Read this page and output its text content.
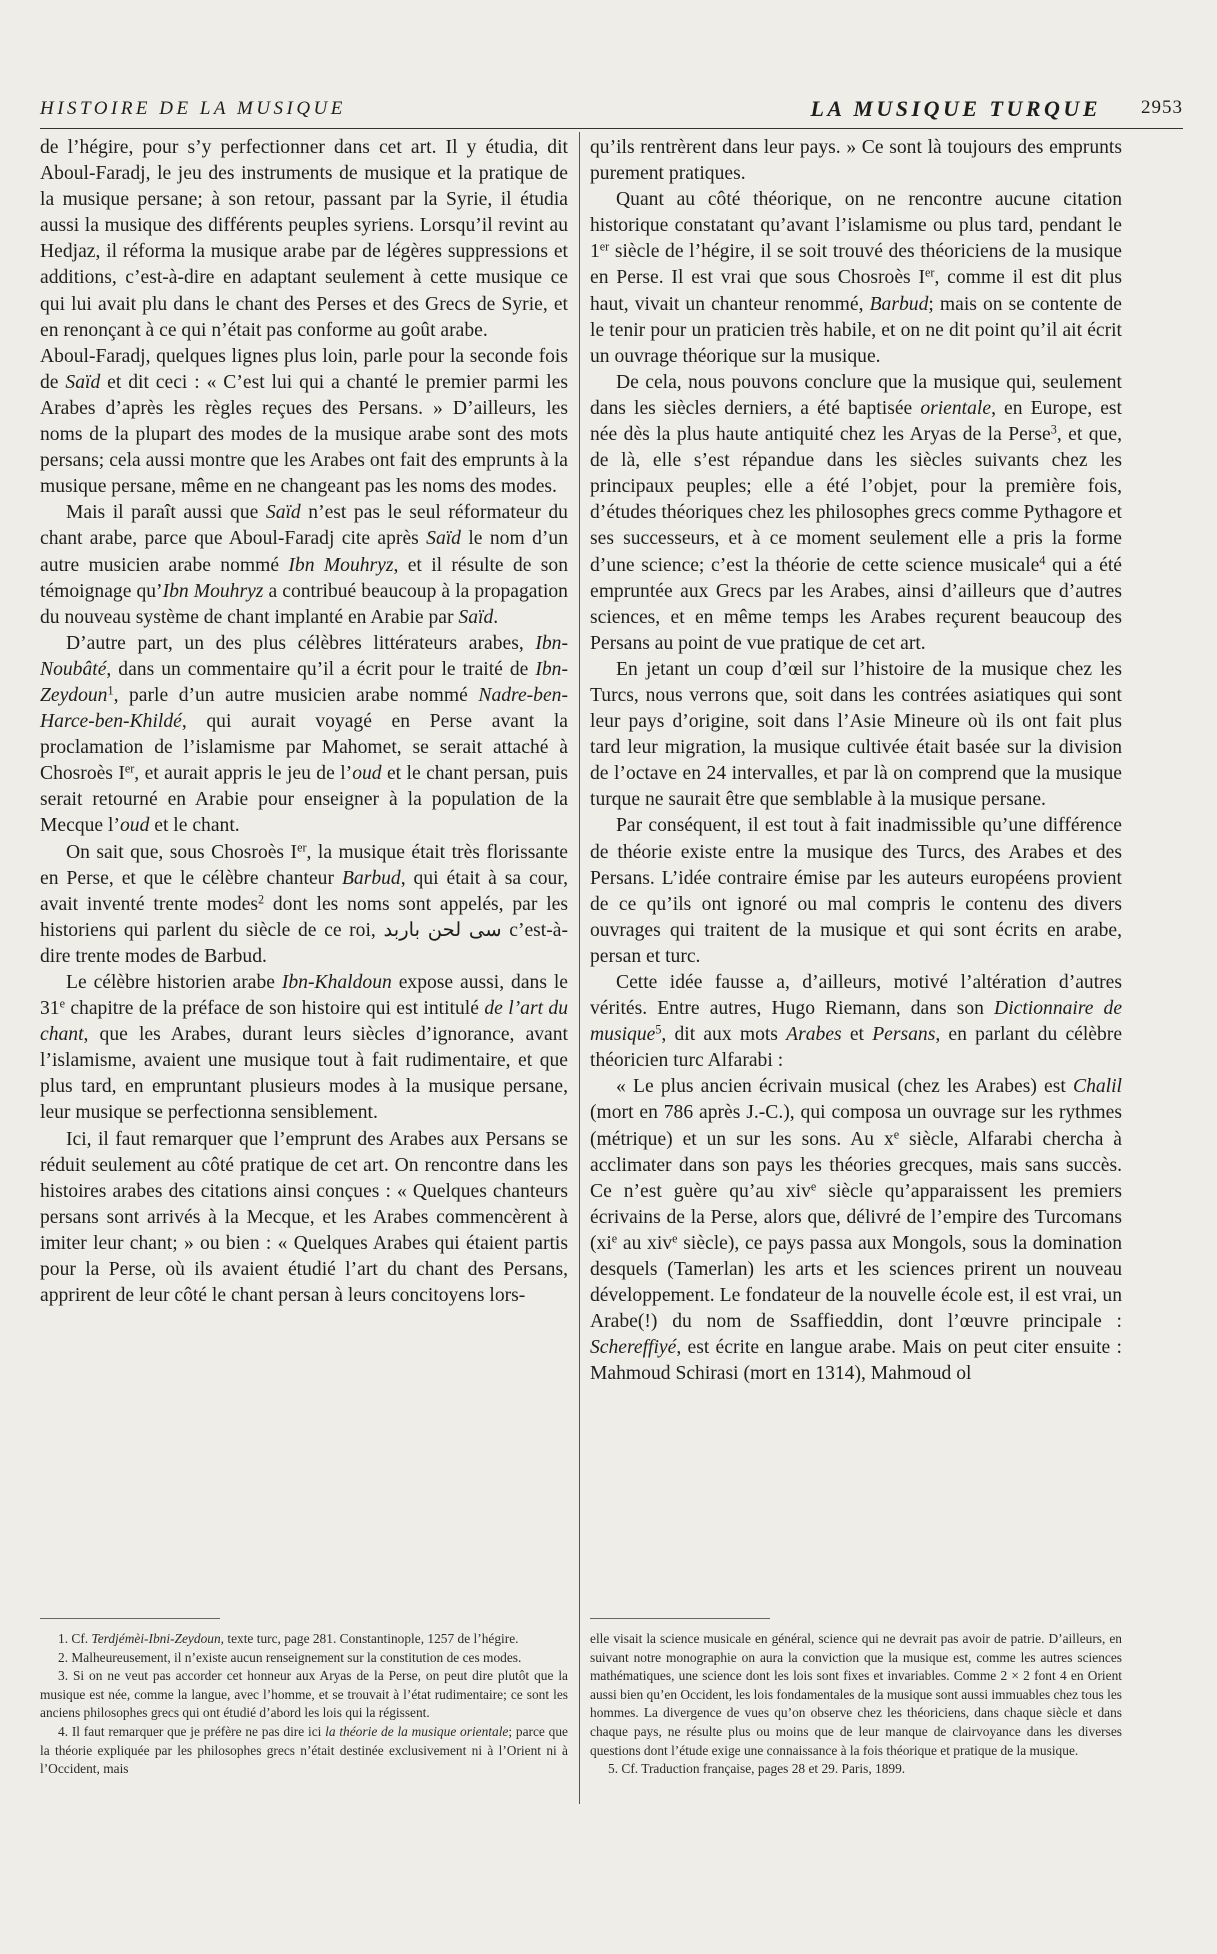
HISTOIRE DE LA MUSIQUE	LA MUSIQUE TURQUE 2953

de l’hégire, pour s’y perfectionner dans cet art. Il y étudia, dit Aboul-Faradj, le jeu des instruments de musique et la pratique de la musique persane; à son retour, passant par la Syrie, il étudia aussi la musique des différents peuples syriens. Lorsqu’il revint au Hedjaz, il réforma la musique arabe par de légères suppressions et additions, c’est-à-dire en adaptant seulement à cette musique ce qui lui avait plu dans le chant des Perses et des Grecs de Syrie, et en renonçant à ce qui n’était pas conforme au goût arabe.

Aboul-Faradj, quelques lignes plus loin, parle pour la seconde fois de Saïd et dit ceci : « C’est lui qui a chanté le premier parmi les Arabes d’après les règles reçues des Persans. » D’ailleurs, les noms de la plupart des modes de la musique arabe sont des mots persans; cela aussi montre que les Arabes ont fait des emprunts à la musique persane, même en ne changeant pas les noms des modes.

Mais il paraît aussi que Saïd n’est pas le seul réformateur du chant arabe, parce que Aboul-Faradj cite après Saïd le nom d’un autre musicien arabe nommé Ibn Mouhryz, et il résulte de son témoignage qu’Ibn Mouhryz a contribué beaucoup à la propagation du nouveau système de chant implanté en Arabie par Saïd.

D’autre part, un des plus célèbres littérateurs arabes, Ibn-Noubâté, dans un commentaire qu’il a écrit pour le traité de Ibn-Zeydoun$^1$, parle d’un autre musicien arabe nommé Nadre-ben-Harce-ben-Khildé, qui aurait voyagé en Perse avant la proclamation de l’islamisme par Mahomet, se serait attaché à Chosroès Ier, et aurait appris le jeu de l’oud et le chant persan, puis serait retourné en Arabie pour enseigner à la population de la Mecque l’oud et le chant.

On sait que, sous Chosroès Ier, la musique était très florissante en Perse, et que le célèbre chanteur Barbud, qui était à sa cour, avait inventé trente modes$^2$ dont les noms sont appelés, par les historiens qui parlent du siècle de ce roi, سی لحن باربد c’est-à-dire trente modes de Barbud.

Le célèbre historien arabe Ibn-Khaldoun expose aussi, dans le 31e chapitre de la préface de son histoire qui est intitulé de l’art du chant, que les Arabes, durant leurs siècles d’ignorance, avant l’islamisme, avaient une musique tout à fait rudimentaire, et que plus tard, en empruntant plusieurs modes à la musique persane, leur musique se perfectionna sensiblement.

Ici, il faut remarquer que l’emprunt des Arabes aux Persans se réduit seulement au côté pratique de cet art. On rencontre dans les histoires arabes des citations ainsi conçues : « Quelques chanteurs persans sont arrivés à la Mecque, et les Arabes commencèrent à imiter leur chant; » ou bien : « Quelques Arabes qui étaient partis pour la Perse, où ils avaient étudié l’art du chant des Persans, apprirent de leur côté le chant persan à leurs concitoyens lors-

qu’ils rentrèrent dans leur pays. » Ce sont là toujours des emprunts purement pratiques.

Quant au côté théorique, on ne rencontre aucune citation historique constatant qu’avant l’islamisme ou plus tard, pendant le 1er siècle de l’hégire, il se soit trouvé des théoriciens de la musique en Perse. Il est vrai que sous Chosroès Ier, comme il est dit plus haut, vivait un chanteur renommé, Barbud; mais on se contente de le tenir pour un praticien très habile, et on ne dit point qu’il ait écrit un ouvrage théorique sur la musique.

De cela, nous pouvons conclure que la musique qui, seulement dans les siècles derniers, a été baptisée orientale, en Europe, est née dès la plus haute antiquité chez les Aryas de la Perse$^3$, et que, de là, elle s’est répandue dans les siècles suivants chez les principaux peuples; elle a été l’objet, pour la première fois, d’études théoriques chez les philosophes grecs comme Pythagore et ses successeurs, et à ce moment seulement elle a pris la forme d’une science; c’est la théorie de cette science musicale$^4$ qui a été empruntée aux Grecs par les Arabes, ainsi d’ailleurs que d’autres sciences, et en même temps les Arabes reçurent beaucoup des Persans au point de vue pratique de cet art.

En jetant un coup d’œil sur l’histoire de la musique chez les Turcs, nous verrons que, soit dans les contrées asiatiques qui sont leur pays d’origine, soit dans l’Asie Mineure où ils ont fait plus tard leur migration, la musique cultivée était basée sur la division de l’octave en 24 intervalles, et par là on comprend que la musique turque ne saurait être que semblable à la musique persane.

Par conséquent, il est tout à fait inadmissible qu’une différence de théorie existe entre la musique des Turcs, des Arabes et des Persans. L’idée contraire émise par les auteurs européens provient de ce qu’ils ont ignoré ou mal compris le contenu des divers ouvrages qui traitent de la musique et qui sont écrits en arabe, persan et turc.

Cette idée fausse a, d’ailleurs, motivé l’altération d’autres vérités. Entre autres, Hugo Riemann, dans son Dictionnaire de musique$^5$, dit aux mots Arabes et Persans, en parlant du célèbre théoricien turc Alfarabi :

« Le plus ancien écrivain musical (chez les Arabes) est Chalil (mort en 786 après J.-C.), qui composa un ouvrage sur les rythmes (métrique) et un sur les sons. Au $x^e$ siècle, Alfarabi chercha à acclimater dans son pays les théories grecques, mais sans succès. Ce n’est guère qu’au xiv$^e$ siècle qu’apparaissent les premiers écrivains de la Perse, alors que, délivré de l’empire des Turcomans ($xi^e$ au xiv$^e$ siècle), ce pays passa aux Mongols, sous la domination desquels (Tamerlan) les arts et les sciences prirent un nouveau développement. Le fondateur de la nouvelle école est, il est vrai, un Arabe(!) du nom de Ssaffieddin, dont l’œuvre principale : Schereffiyé, est écrite en langue arabe. Mais on peut citer ensuite : Mahmoud Schirasi (mort en 1314), Mahmoud ol

1. Cf. Terdjémèi-Ibni-Zeydoun, texte turc, page 281. Constantinople, 1257 de l’hégire.

2. Malheureusement, il n’existe aucun renseignement sur la constitution de ces modes.

3. Si on ne veut pas accorder cet honneur aux Aryas de la Perse, on peut dire plutôt que la musique est née, comme la langue, avec l’homme, et se trouvait à l’état rudimentaire; ce sont les anciens philosophes grecs qui ont étudié d’abord les lois qui la régissent.

4. Il faut remarquer que je préfère ne pas dire ici la théorie de la musique orientale; parce que la théorie expliquée par les philosophes grecs n’était destinée exclusivement ni à l’Orient ni à l’Occident, mais

elle visait la science musicale en général, science qui ne devrait pas avoir de patrie. D’ailleurs, en suivant notre monographie on aura la conviction que la musique est, comme les autres sciences mathématiques, une science dont les lois sont fixes et invariables. Comme 2 × 2 font 4 en Orient aussi bien qu’en Occident, les lois fondamentales de la musique sont aussi immuables chez tous les hommes. La divergence de vues qu’on observe chez les théoriciens, dans chaque siècle et dans chaque pays, ne résulte plus ou moins que de leur manque de clairvoyance dans les diverses questions dont l’étude exige une connaissance à la fois théorique et pratique de la musique.

5. Cf. Traduction française, pages 28 et 29. Paris, 1899.
